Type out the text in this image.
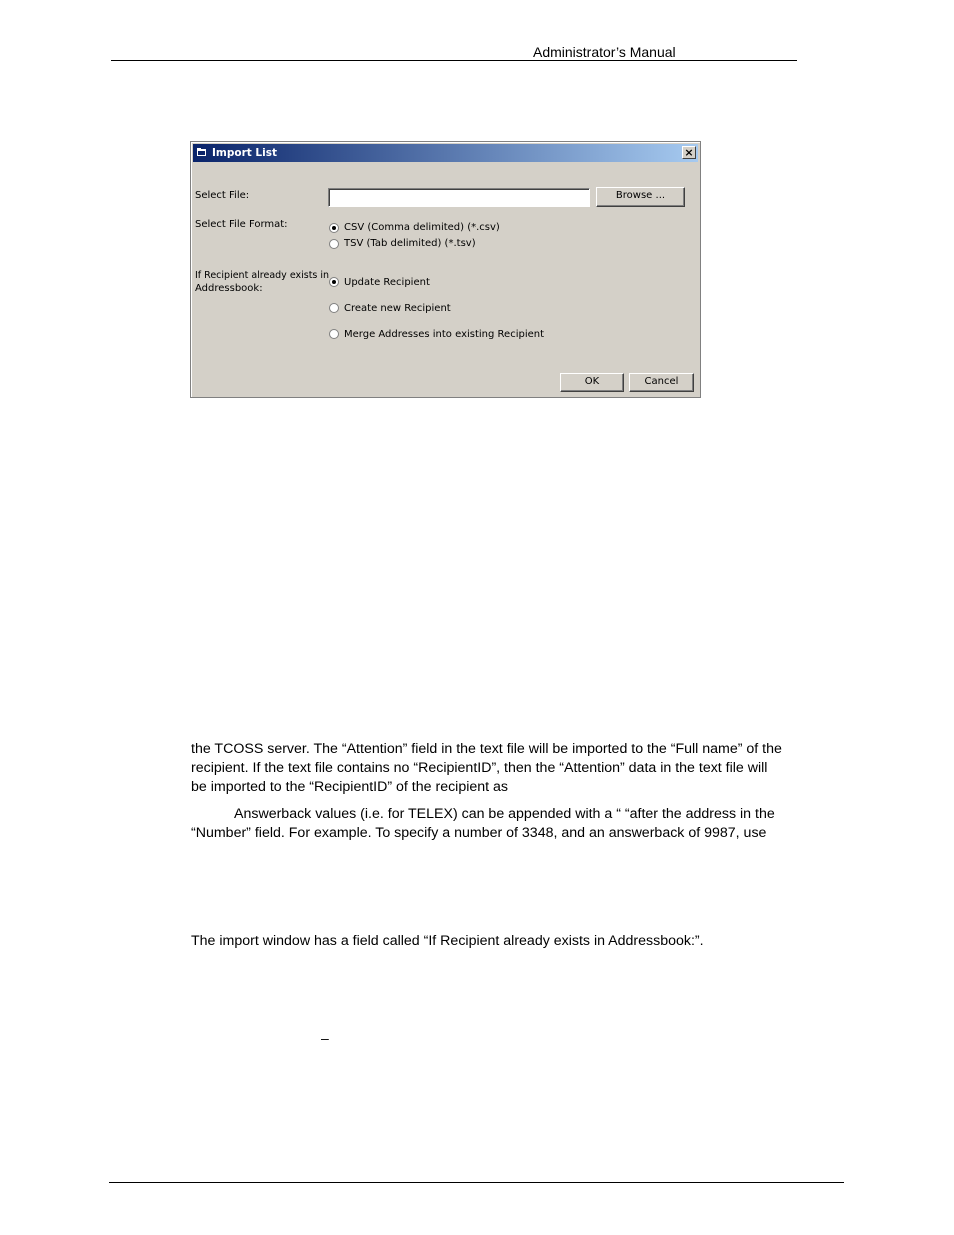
Administrator’s Manual
Import List	×
Select File:	Browse ...
Select File Format:	CSV (Comma delimited) (*.csv)
TSV (Tab delimited) (*.tsv)
If Recipient already exists in
Addressbook:
Update Recipient
Create new Recipient
Merge Addresses into existing Recipient
OK	Cancel
the TCOSS server. The “Attention” field in the text file will be imported to the “Full name” of the
recipient. If the text file contains no “RecipientID”, then the “Attention” data in the text file will
be imported to the “RecipientID” of the recipient as
Answerback values (i.e. for TELEX) can be appended with a “ “after the address in the
“Number” field. For example. To specify a number of 3348, and an answerback of 9987, use
The import window has a field called “If Recipient already exists in Addressbook:”.
–
